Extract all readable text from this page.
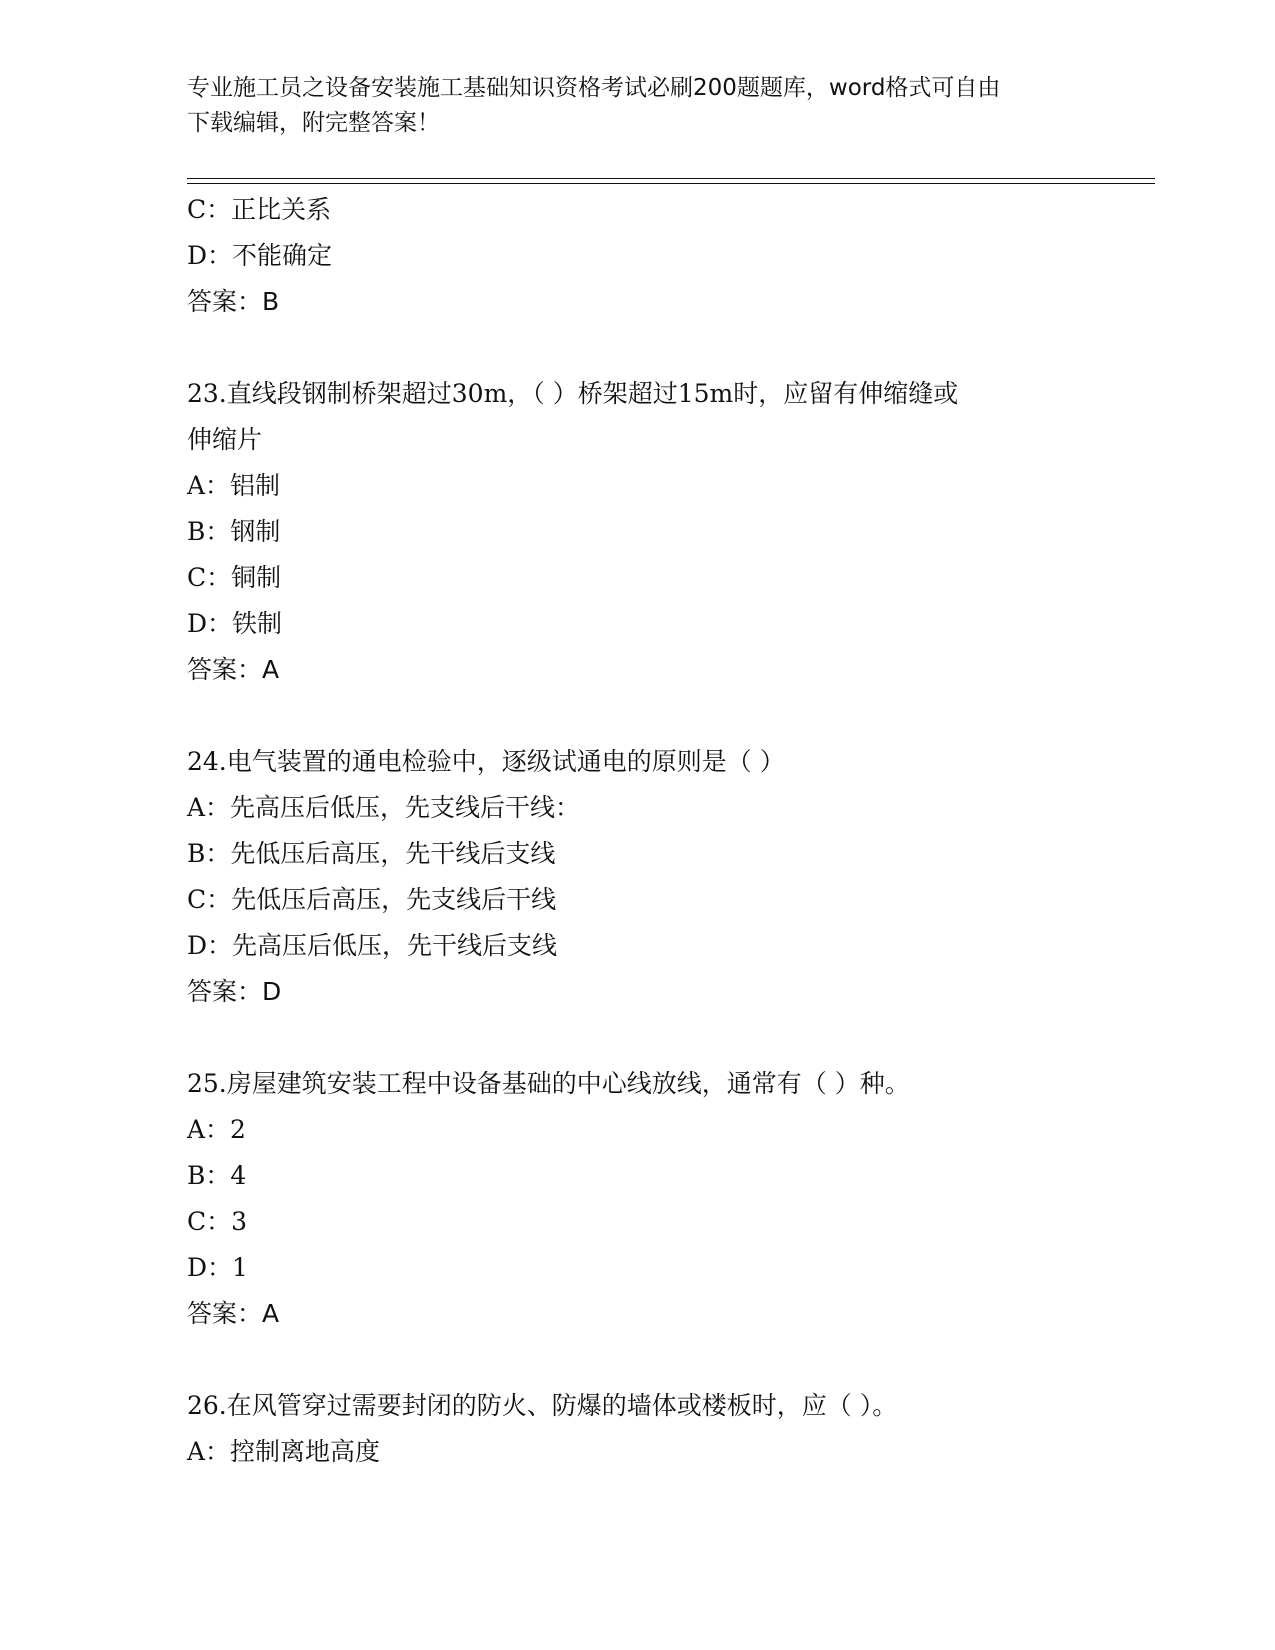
专业施工员之设备安装施工基础知识资格考试必刷200题题库，word格式可自由
下载编辑，附完整答案！
C：正比关系
D：不能确定
答案：B
23.直线段钢制桥架超过30m，（ ）桥架超过15m时，应留有伸缩缝或
伸缩片
A：铝制
B：钢制
C：铜制
D：铁制
答案：A
24.电气装置的通电检验中，逐级试通电的原则是（ ）
A：先高压后低压，先支线后干线：
B：先低压后高压，先干线后支线
C：先低压后高压，先支线后干线
D：先高压后低压，先干线后支线
答案：D
25.房屋建筑安装工程中设备基础的中心线放线，通常有（ ）种。
A：2
B：4
C：3
D：1
答案：A
26.在风管穿过需要封闭的防火、防爆的墙体或楼板时，应（ ）。
A：控制离地高度
